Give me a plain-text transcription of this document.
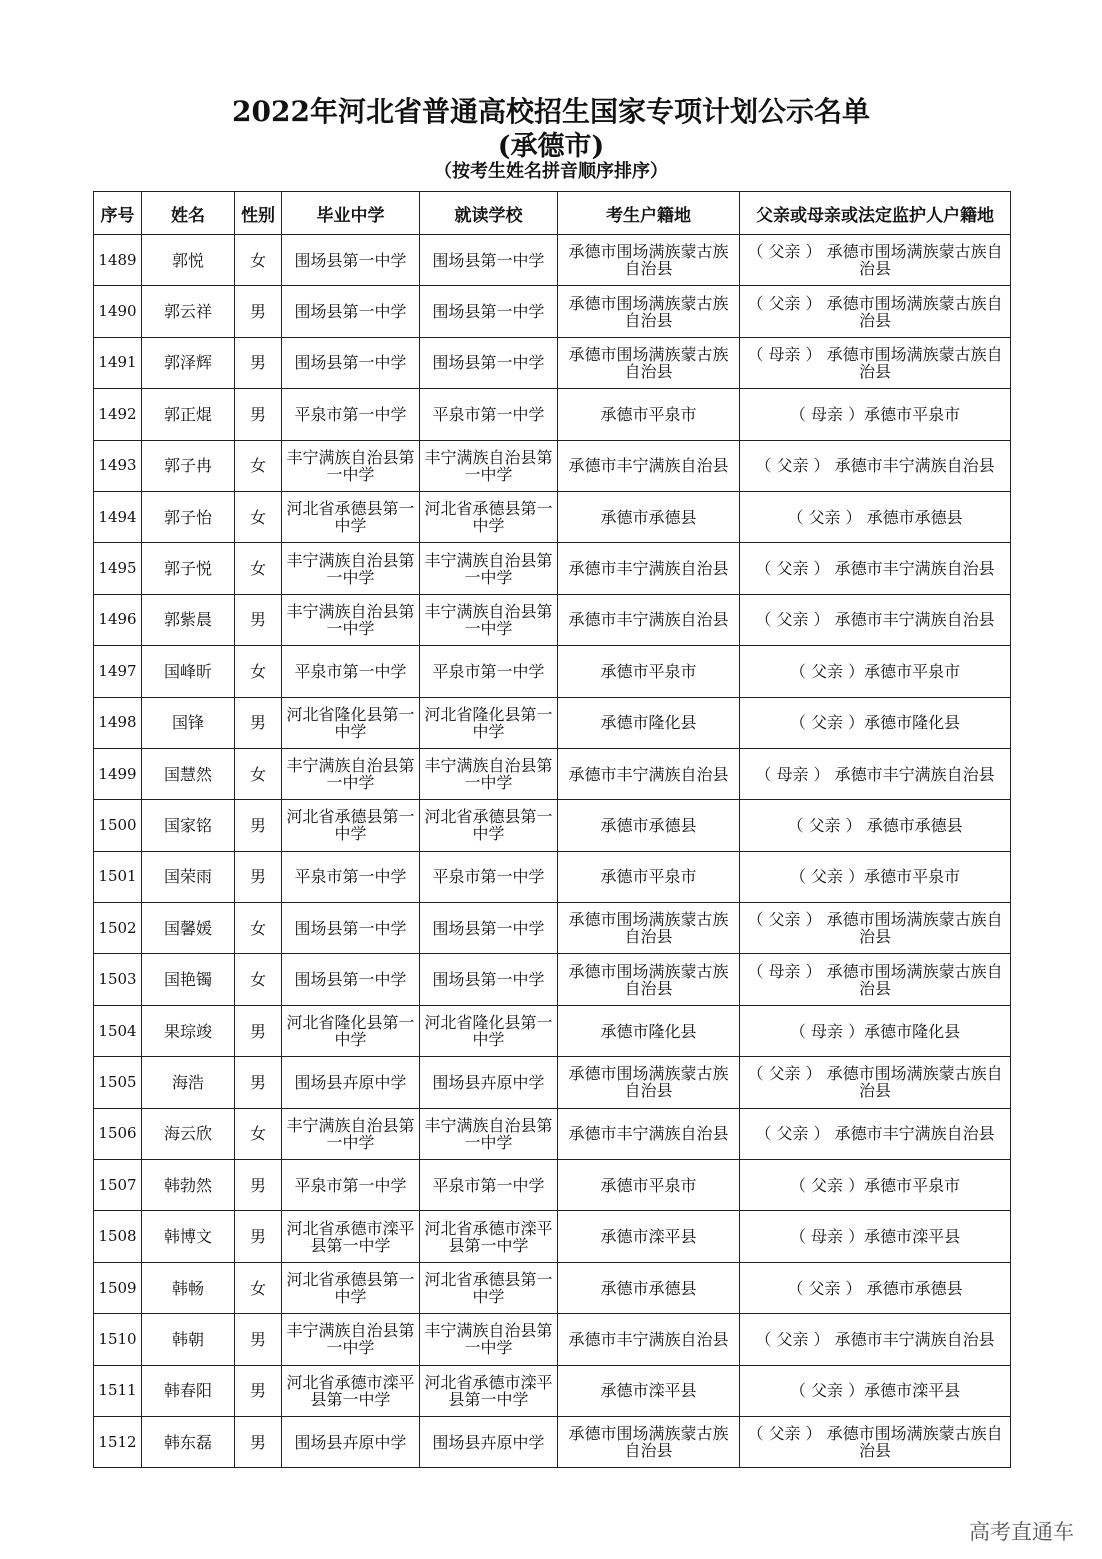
2022年河北省普通高校招生国家专项计划公示名单
(承德市)
（按考生姓名拼音顺序排序）
序号	姓名	性别	毕业中学	就读学校	考生户籍地	父亲或母亲或法定监护人户籍地
1489	郭悦	女	围场县第一中学	围场县第一中学	承德市围场满族蒙古族自治县	（ 父亲 ） 承德市围场满族蒙古族自治县
1490	郭云祥	男	围场县第一中学	围场县第一中学	承德市围场满族蒙古族自治县	（ 父亲 ） 承德市围场满族蒙古族自治县
1491	郭泽辉	男	围场县第一中学	围场县第一中学	承德市围场满族蒙古族自治县	（ 母亲 ） 承德市围场满族蒙古族自治县
1492	郭正焜	男	平泉市第一中学	平泉市第一中学	承德市平泉市	（ 母亲 ）承德市平泉市
1493	郭子冉	女	丰宁满族自治县第一中学	丰宁满族自治县第一中学	承德市丰宁满族自治县	（ 父亲 ） 承德市丰宁满族自治县
1494	郭子怡	女	河北省承德县第一中学	河北省承德县第一中学	承德市承德县	（ 父亲 ） 承德市承德县
1495	郭子悦	女	丰宁满族自治县第一中学	丰宁满族自治县第一中学	承德市丰宁满族自治县	（ 父亲 ） 承德市丰宁满族自治县
1496	郭紫晨	男	丰宁满族自治县第一中学	丰宁满族自治县第一中学	承德市丰宁满族自治县	（ 父亲 ） 承德市丰宁满族自治县
1497	国峰昕	女	平泉市第一中学	平泉市第一中学	承德市平泉市	（ 父亲 ）承德市平泉市
1498	国锋	男	河北省隆化县第一中学	河北省隆化县第一中学	承德市隆化县	（ 父亲 ）承德市隆化县
1499	国慧然	女	丰宁满族自治县第一中学	丰宁满族自治县第一中学	承德市丰宁满族自治县	（ 母亲 ） 承德市丰宁满族自治县
1500	国家铭	男	河北省承德县第一中学	河北省承德县第一中学	承德市承德县	（ 父亲 ） 承德市承德县
1501	国荣雨	男	平泉市第一中学	平泉市第一中学	承德市平泉市	（ 父亲 ）承德市平泉市
1502	国馨媛	女	围场县第一中学	围场县第一中学	承德市围场满族蒙古族自治县	（ 父亲 ） 承德市围场满族蒙古族自治县
1503	国艳镯	女	围场县第一中学	围场县第一中学	承德市围场满族蒙古族自治县	（ 母亲 ） 承德市围场满族蒙古族自治县
1504	果琮竣	男	河北省隆化县第一中学	河北省隆化县第一中学	承德市隆化县	（ 母亲 ）承德市隆化县
1505	海浩	男	围场县卉原中学	围场县卉原中学	承德市围场满族蒙古族自治县	（ 父亲 ） 承德市围场满族蒙古族自治县
1506	海云欣	女	丰宁满族自治县第一中学	丰宁满族自治县第一中学	承德市丰宁满族自治县	（ 父亲 ） 承德市丰宁满族自治县
1507	韩勃然	男	平泉市第一中学	平泉市第一中学	承德市平泉市	（ 父亲 ）承德市平泉市
1508	韩博文	男	河北省承德市滦平县第一中学	河北省承德市滦平县第一中学	承德市滦平县	（ 母亲 ）承德市滦平县
1509	韩畅	女	河北省承德县第一中学	河北省承德县第一中学	承德市承德县	（ 父亲 ） 承德市承德县
1510	韩朝	男	丰宁满族自治县第一中学	丰宁满族自治县第一中学	承德市丰宁满族自治县	（ 父亲 ） 承德市丰宁满族自治县
1511	韩春阳	男	河北省承德市滦平县第一中学	河北省承德市滦平县第一中学	承德市滦平县	（ 父亲 ）承德市滦平县
1512	韩东磊	男	围场县卉原中学	围场县卉原中学	承德市围场满族蒙古族自治县	（ 父亲 ） 承德市围场满族蒙古族自治县
高考直通车
